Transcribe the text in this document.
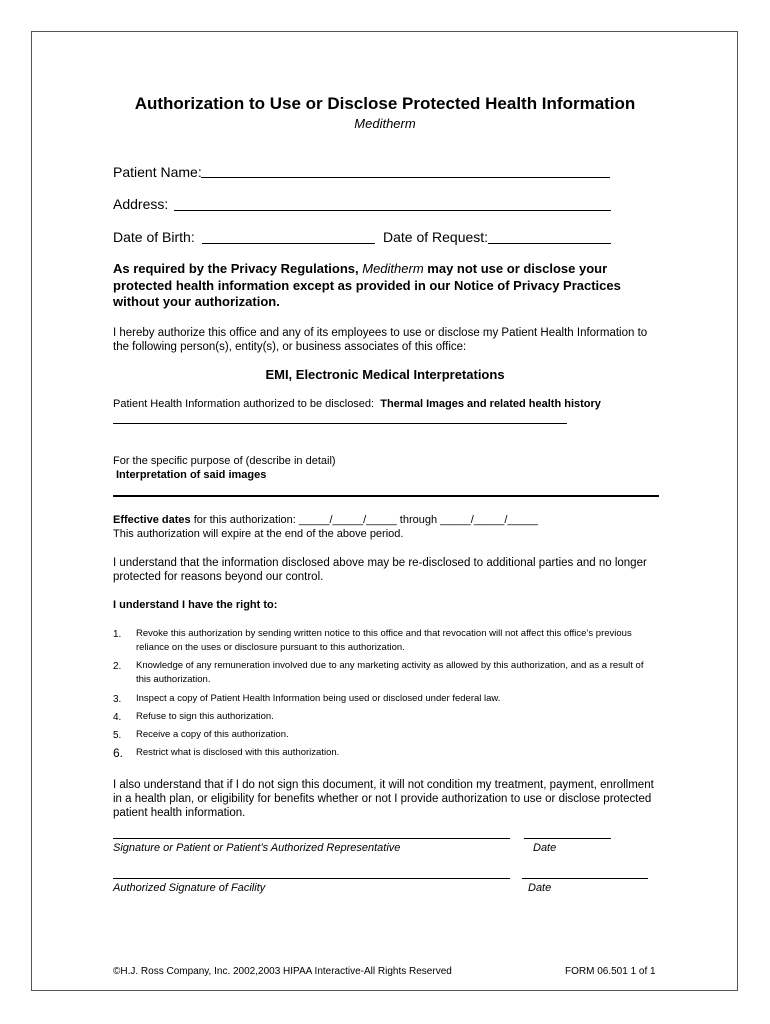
Authorization to Use or Disclose Protected Health Information
Meditherm
Patient Name:
Address:
Date of Birth:	Date of Request:
As required by the Privacy Regulations, Meditherm may not use or disclose your protected health information except as provided in our Notice of Privacy Practices without your authorization.
I hereby authorize this office and any of its employees to use or disclose my Patient Health Information to the following person(s), entity(s), or business associates of this office:
EMI, Electronic Medical Interpretations
Patient Health Information authorized to be disclosed: Thermal Images and related health history
For the specific purpose of (describe in detail)
Interpretation of said images
Effective dates for this authorization: _____/_____/_____ through _____/_____/_____
This authorization will expire at the end of the above period.
I understand that the information disclosed above may be re-disclosed to additional parties and no longer protected for reasons beyond our control.
I understand I have the right to:
1. Revoke this authorization by sending written notice to this office and that revocation will not affect this office’s previous reliance on the uses or disclosure pursuant to this authorization.
2. Knowledge of any remuneration involved due to any marketing activity as allowed by this authorization, and as a result of this authorization.
3. Inspect a copy of Patient Health Information being used or disclosed under federal law.
4. Refuse to sign this authorization.
5. Receive a copy of this authorization.
6. Restrict what is disclosed with this authorization.
I also understand that if I do not sign this document, it will not condition my treatment, payment, enrollment in a health plan, or eligibility for benefits whether or not I provide authorization to use or disclose protected patient health information.
Signature or Patient or Patient’s Authorized Representative	Date
Authorized Signature of Facility	Date
©H.J. Ross Company, Inc. 2002,2003 HIPAA Interactive-All Rights Reserved	FORM 06.501 1 of 1
